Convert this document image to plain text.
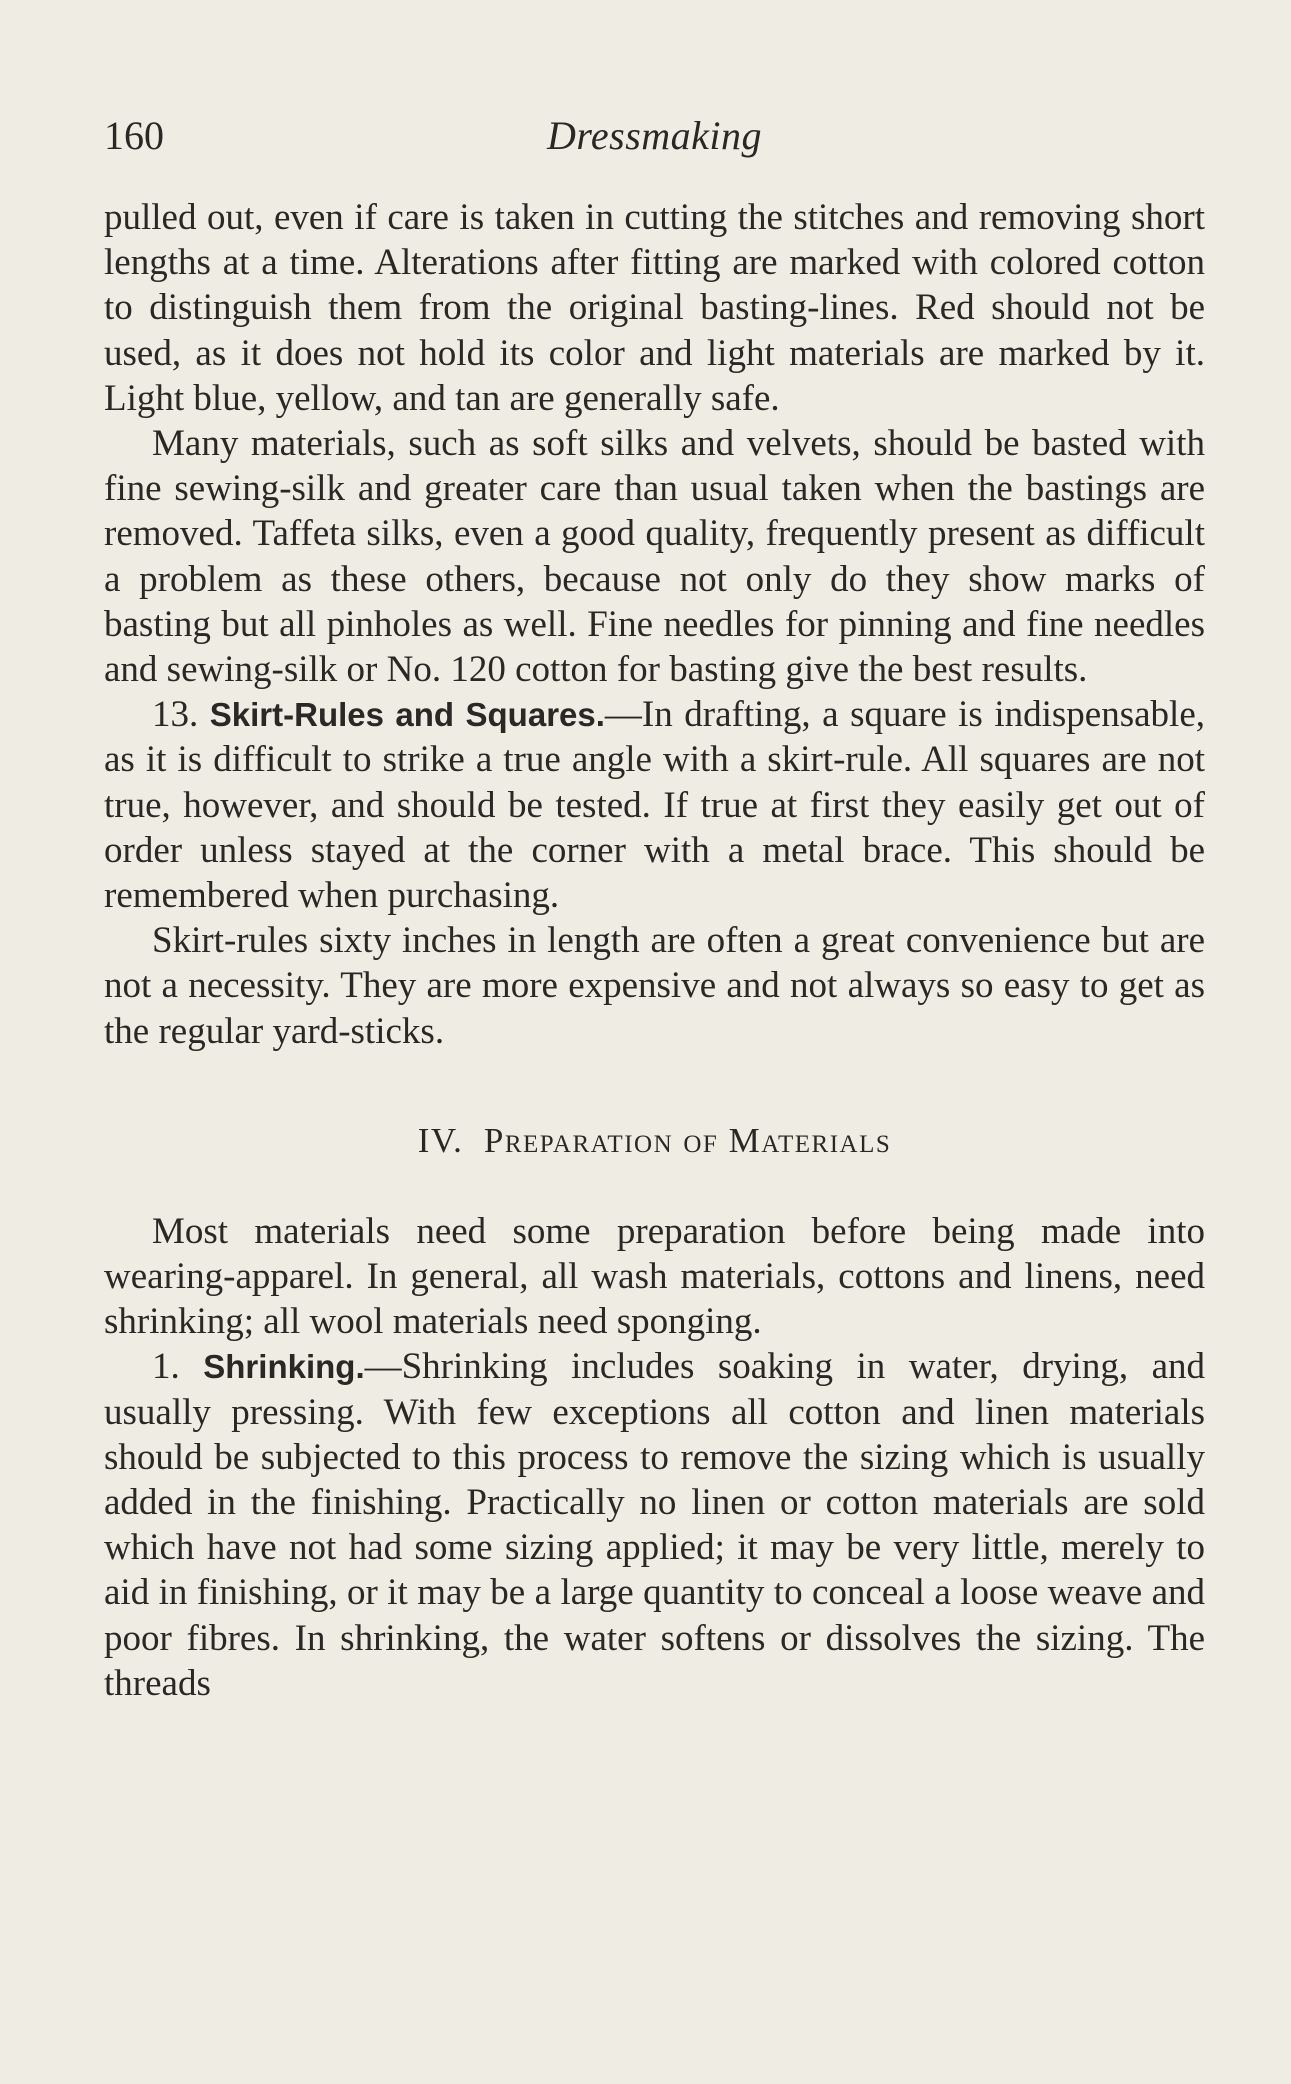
160	Dressmaking

pulled out, even if care is taken in cutting the stitches and removing short lengths at a time. Alterations after fitting are marked with colored cotton to distinguish them from the original basting-lines. Red should not be used, as it does not hold its color and light materials are marked by it. Light blue, yellow, and tan are generally safe.

Many materials, such as soft silks and velvets, should be basted with fine sewing-silk and greater care than usual taken when the bastings are removed. Taffeta silks, even a good quality, frequently present as difficult a problem as these others, because not only do they show marks of basting but all pinholes as well. Fine needles for pinning and fine needles and sewing-silk or No. 120 cotton for basting give the best results.

13. Skirt-Rules and Squares.—In drafting, a square is indispensable, as it is difficult to strike a true angle with a skirt-rule. All squares are not true, however, and should be tested. If true at first they easily get out of order unless stayed at the corner with a metal brace. This should be remembered when purchasing.

Skirt-rules sixty inches in length are often a great convenience but are not a necessity. They are more expensive and not always so easy to get as the regular yard-sticks.

IV. Preparation of Materials

Most materials need some preparation before being made into wearing-apparel. In general, all wash materials, cottons and linens, need shrinking; all wool materials need sponging.

1. Shrinking.—Shrinking includes soaking in water, drying, and usually pressing. With few exceptions all cotton and linen materials should be subjected to this process to remove the sizing which is usually added in the finishing. Practically no linen or cotton materials are sold which have not had some sizing applied; it may be very little, merely to aid in finishing, or it may be a large quantity to conceal a loose weave and poor fibres. In shrinking, the water softens or dissolves the sizing. The threads
